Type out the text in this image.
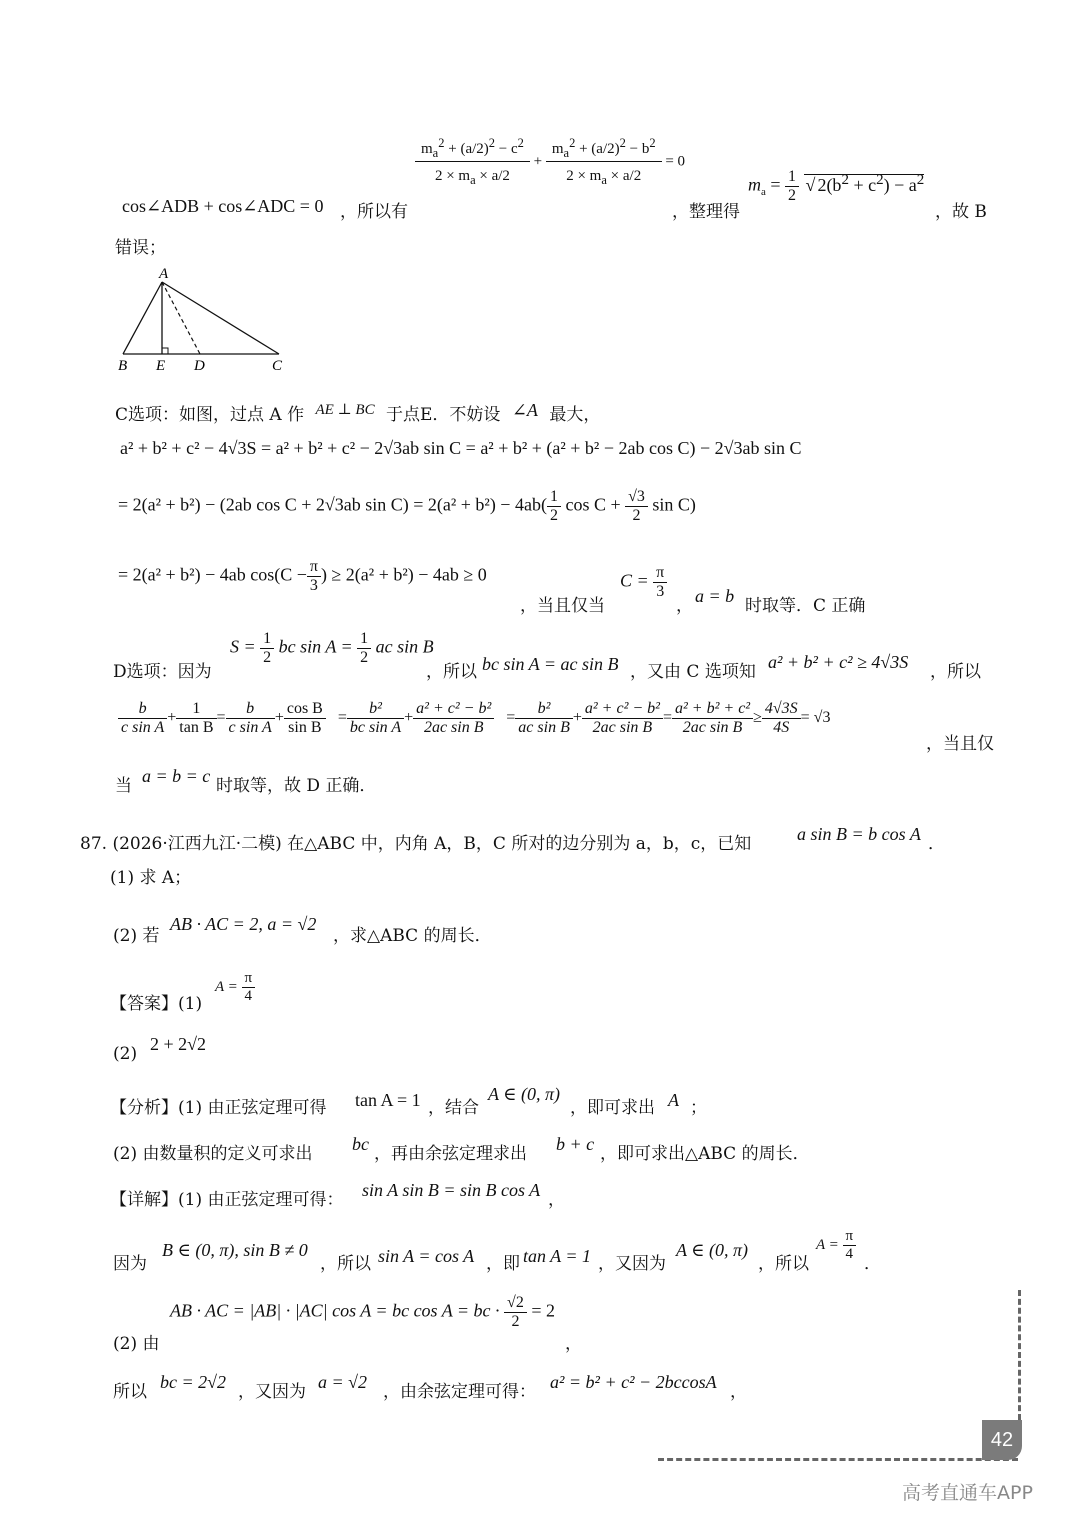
cos∠ADB + cos∠ADC = 0 ，所以有
$\frac{m_a^2 + (a/2)^2 - c^2}{2 \times m_a \times a/2} + \frac{m_a^2 + (a/2)^2 - b^2}{2 \times m_a \times a/2} = 0$
，整理得
$m_a = \frac{1}{2}$ √ $2(b^2 + c^2) - a^2$
，故 B
错误；
A
B E D	C
C选项：如图，过点 A 作 AE ⊥ BC 于点E．不妨设 ∠A 最大，
a² + b² + c² − 4√3S = a² + b² + c² − 2√3ab sin C = a² + b² + (a² + b² − 2ab cos C) − 2√3ab sin C
= 2(a² + b²) − (2ab cos C + 2√3ab $\sin C) = 2(a^2 + b^2) - 4ab( \frac{1}{2}$ $\cos C + \frac{√3}{2}$ sin C)
= 2(a² + b²) − 4ab $\cos(C - \frac{\pi}{3}$ ) ≥ 2(a² + b²) − 4ab ≥ 0
，当且仅当
$C = \frac{\pi}{3}$
， a = b 时取等．C 正确
D选项：因为
$S = \frac{1}{2}$ bc $\sin A = \frac{1}{2}$ ac sin B
，所以 bc sin A = ac sin B ，又由 C 选项知 a² + b² + c² ≥ 4√3S ，所以
$\frac{b}{\text{c sin A}} + \frac{1}{\text{tan B}} = \frac{b}{\text{c sin A}} + \frac{\text{cos B}}{\text{sin B}} = \frac{\text{b²}}{\text{bc sin A}} + \frac{\text{a² + c² − b²}}{\text{2ac sin B}} = \frac{\text{b²}}{\text{ac sin B}} + \frac{\text{a² + c² − b²}}{\text{2ac sin B}} = \frac{\text{a² + b² + c²}}{\text{2ac sin B}} \ge \frac{4√3S}{4S} = √3$
，当且仅
当 a = b = c 时取等，故 D 正确．
87. (2026·江西九江·二模) 在△ABC 中，内角 A，B，C 所对的边分别为 a，b，c，已知	a sin B = b cos A ．
(1) 求 A；
(2) 若
AB · AC = 2, a = √2
，求△ABC 的周长．
【答案】(1)
$A = \frac{\pi}{4}$
(2) 2 + 2√2
【分析】(1) 由正弦定理可得 tan A = 1 ，结合
A ∈ (0, π)
，即可求出 A ；
(2) 由数量积的定义可求出 bc ，再由余弦定理求出 b + c ，即可求出△ABC 的周长．
【详解】(1) 由正弦定理可得： sin A sin B = sin B cos A ，
因为
B ∈ (0, π), sin B ≠ 0
，所以 sin A = cos A ，即 tan A = 1 ，又因为
A ∈ (0, π)
，所以
$A = \frac{\pi}{4}$
．
(2) 由
AB · AC = |AB| · |AC| cos A = bc cos A = bc · $\frac{√2}{2} = 2$
，
所以 bc = 2√2 ，又因为 a = √2 ，由余弦定理可得： a² = b² + c² − 2bccosA ，
42
高考直通车APP
